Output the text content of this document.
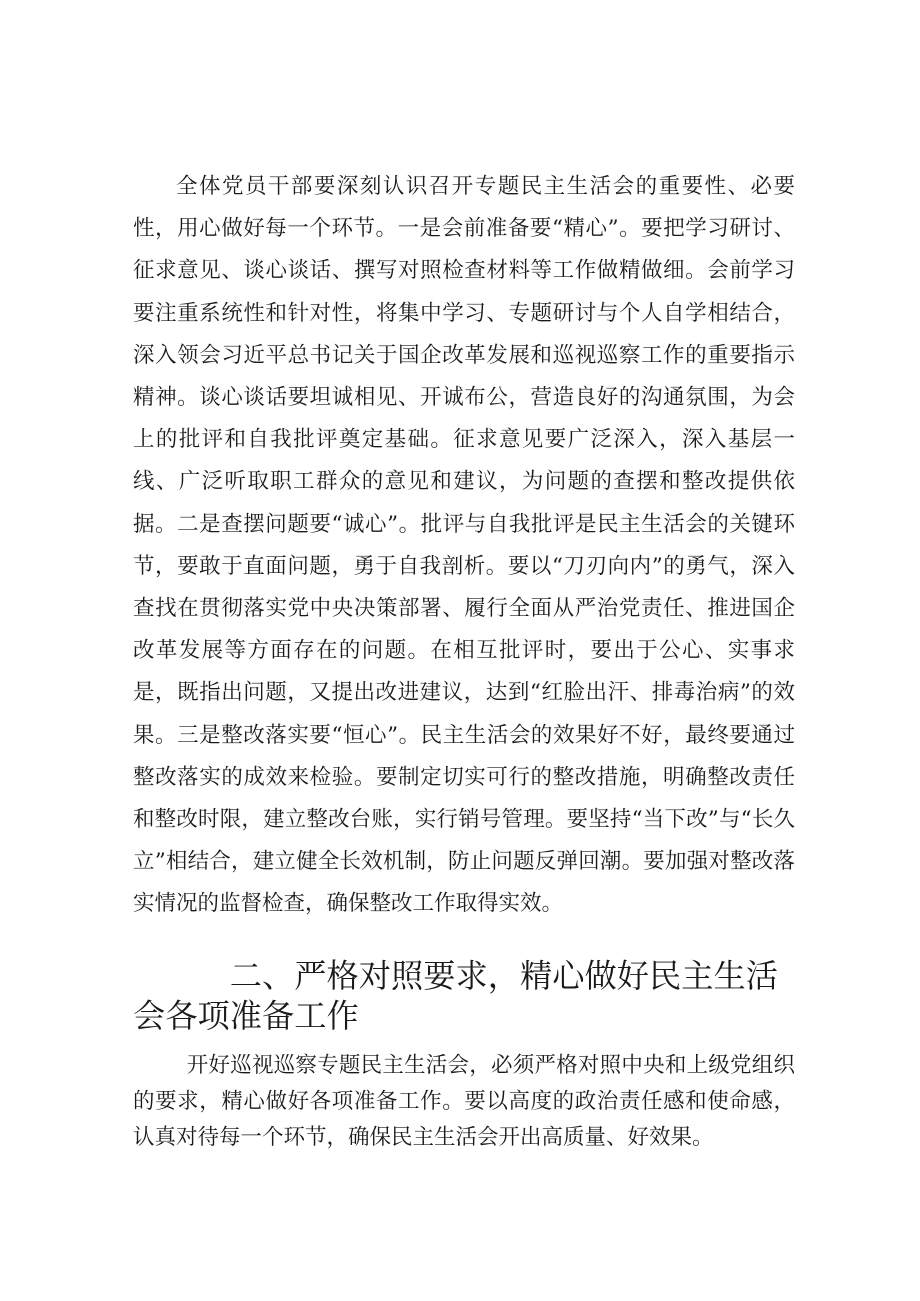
全体党员干部要深刻认识召开专题民主生活会的重要性、必要性，用心做好每一个环节。一是会前准备要“精心”。要把学习研讨、征求意见、谈心谈话、撰写对照检查材料等工作做精做细。会前学习要注重系统性和针对性，将集中学习、专题研讨与个人自学相结合，深入领会习近平总书记关于国企改革发展和巡视巡察工作的重要指示精神。谈心谈话要坦诚相见、开诚布公，营造良好的沟通氛围，为会上的批评和自我批评奠定基础。征求意见要广泛深入，深入基层一线、广泛听取职工群众的意见和建议，为问题的查摆和整改提供依据。二是查摆问题要“诚心”。批评与自我批评是民主生活会的关键环节，要敢于直面问题，勇于自我剖析。要以“刀刃向内”的勇气，深入查找在贯彻落实党中央决策部署、履行全面从严治党责任、推进国企改革发展等方面存在的问题。在相互批评时，要出于公心、实事求是，既指出问题，又提出改进建议，达到“红脸出汗、排毒治病”的效果。三是整改落实要“恒心”。民主生活会的效果好不好，最终要通过整改落实的成效来检验。要制定切实可行的整改措施，明确整改责任和整改时限，建立整改台账，实行销号管理。要坚持“当下改”与“长久立”相结合，建立健全长效机制，防止问题反弹回潮。要加强对整改落实情况的监督检查，确保整改工作取得实效。

二、严格对照要求，精心做好民主生活会各项准备工作

开好巡视巡察专题民主生活会，必须严格对照中央和上级党组织的要求，精心做好各项准备工作。要以高度的政治责任感和使命感，认真对待每一个环节，确保民主生活会开出高质量、好效果。
